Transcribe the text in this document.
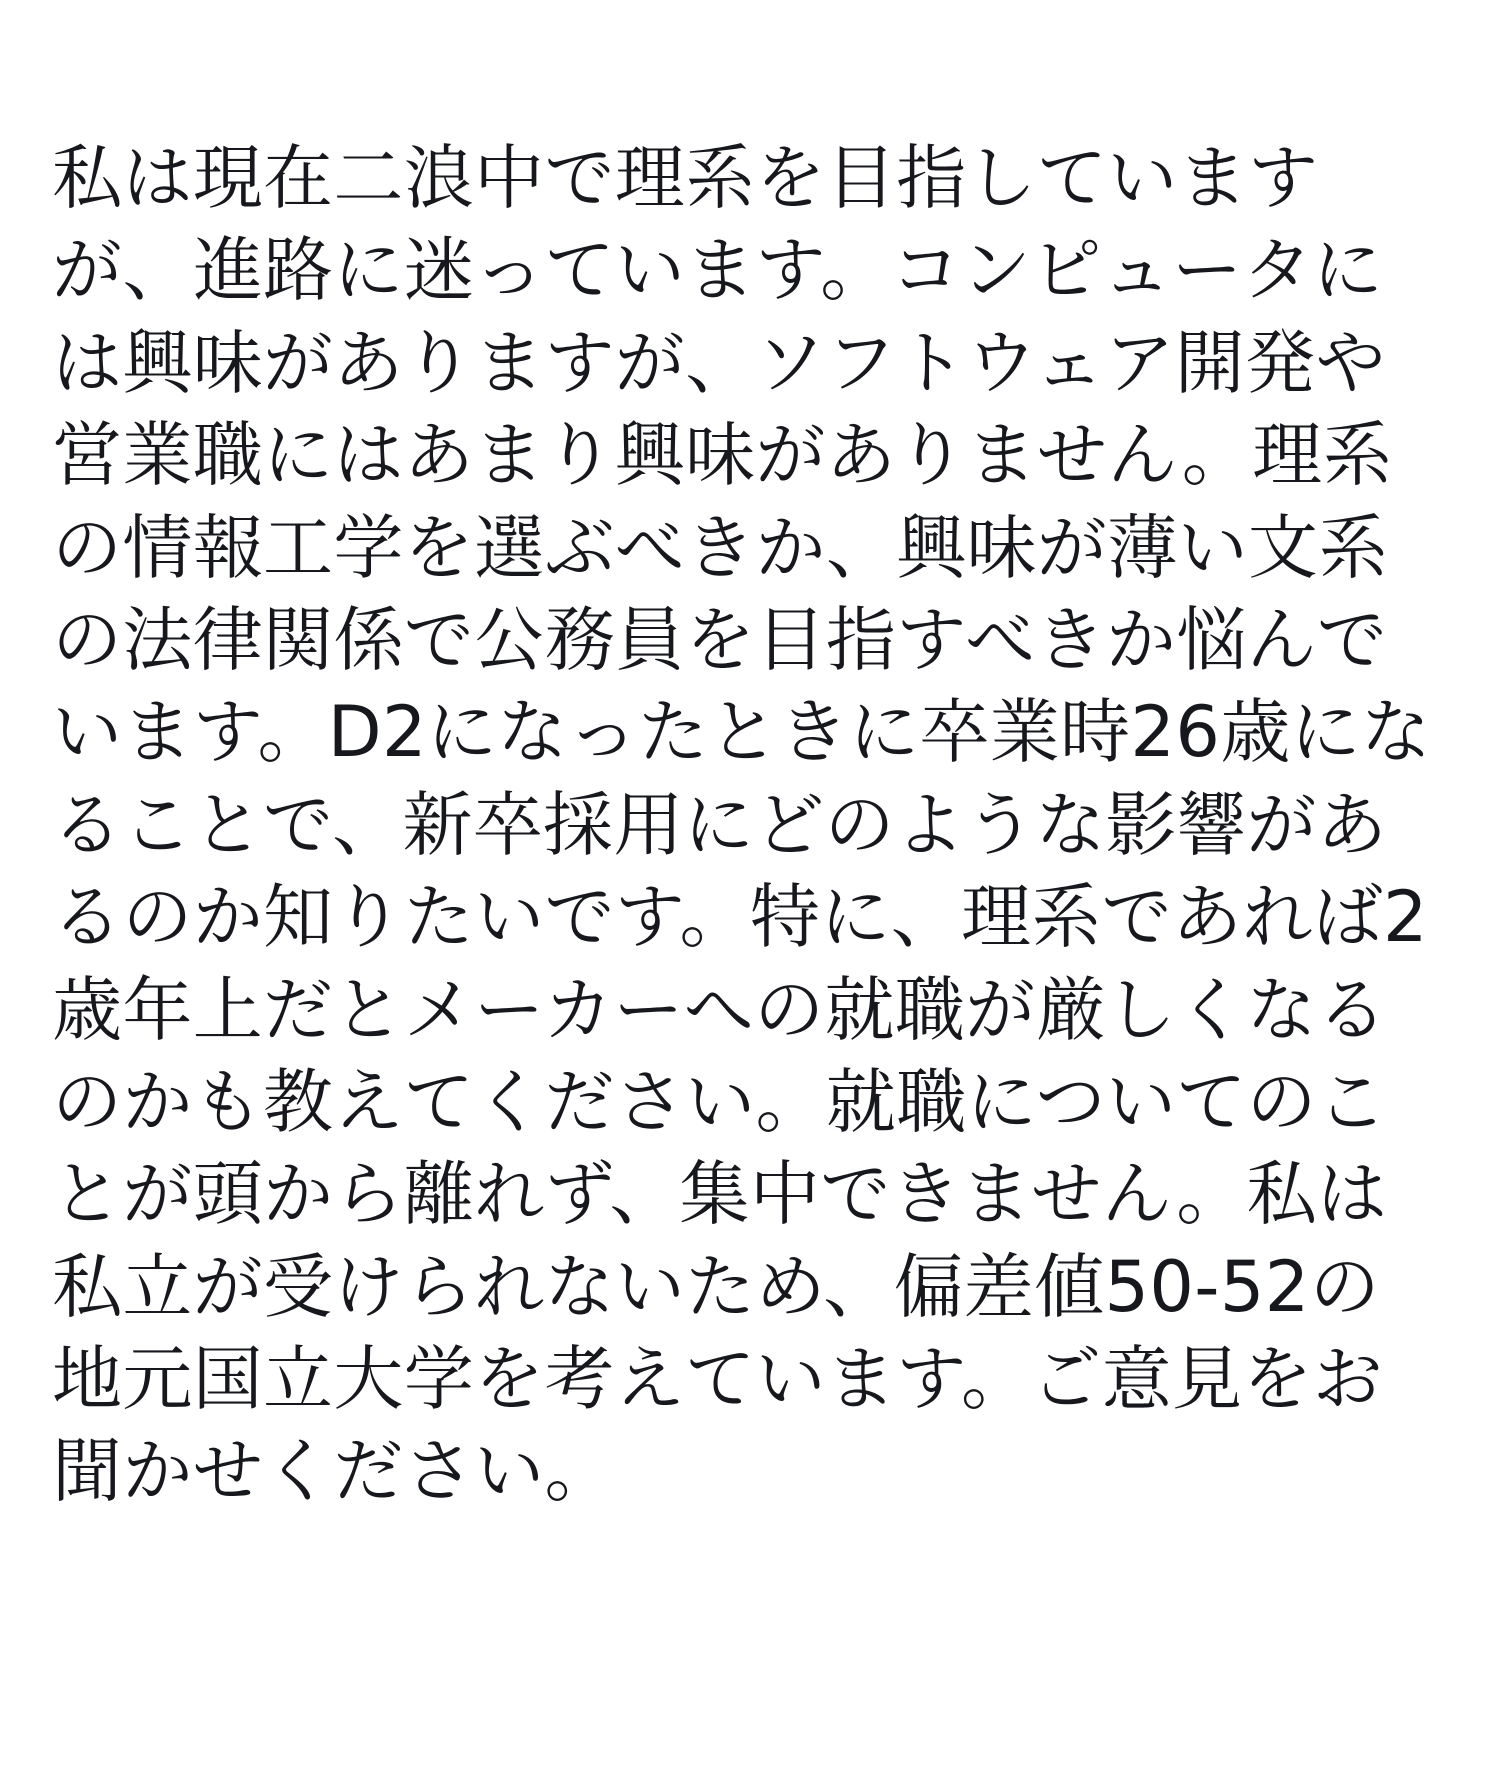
私は現在二浪中で理系を目指していますが、進路に迷っています。コンピュータには興味がありますが、ソフトウェア開発や営業職にはあまり興味がありません。理系の情報工学を選ぶべきか、興味が薄い文系の法律関係で公務員を目指すべきか悩んでいます。D2になったときに卒業時26歳になることで、新卒採用にどのような影響があるのか知りたいです。特に、理系であれば2歳年上だとメーカーへの就職が厳しくなるのかも教えてください。就職についてのことが頭から離れず、集中できません。私は私立が受けられないため、偏差値50-52の地元国立大学を考えています。ご意見をお聞かせください。
